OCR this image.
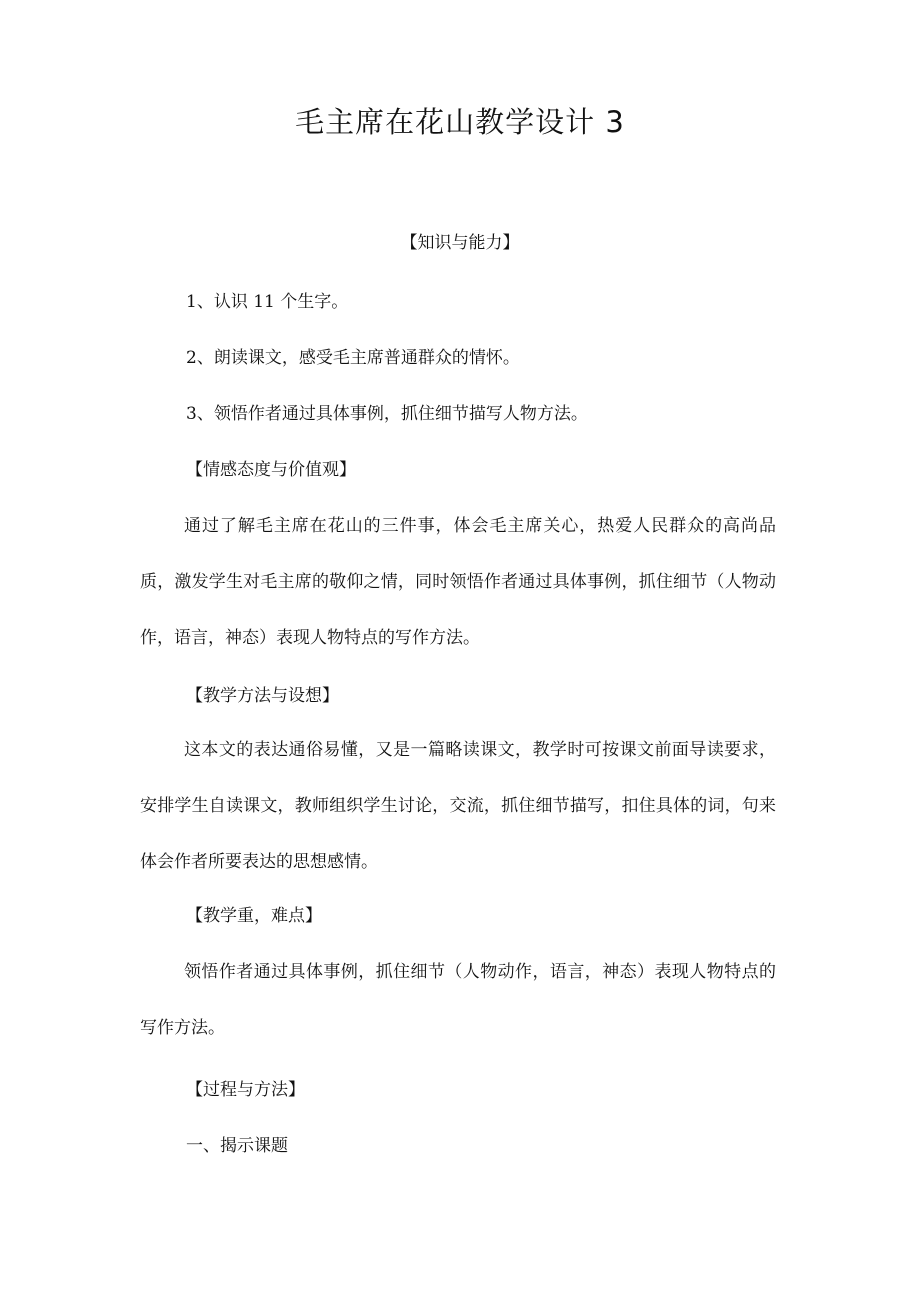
毛主席在花山教学设计 3

【知识与能力】

1、认识 11 个生字。

2、朗读课文，感受毛主席普通群众的情怀。

3、领悟作者通过具体事例，抓住细节描写人物方法。

【情感态度与价值观】

通过了解毛主席在花山的三件事，体会毛主席关心，热爱人民群众的高尚品质，激发学生对毛主席的敬仰之情，同时领悟作者通过具体事例，抓住细节（人物动作，语言，神态）表现人物特点的写作方法。

【教学方法与设想】

这本文的表达通俗易懂，又是一篇略读课文，教学时可按课文前面导读要求，安排学生自读课文，教师组织学生讨论，交流，抓住细节描写，扣住具体的词，句来体会作者所要表达的思想感情。

【教学重，难点】

领悟作者通过具体事例，抓住细节（人物动作，语言，神态）表现人物特点的写作方法。

【过程与方法】

一、揭示课题
